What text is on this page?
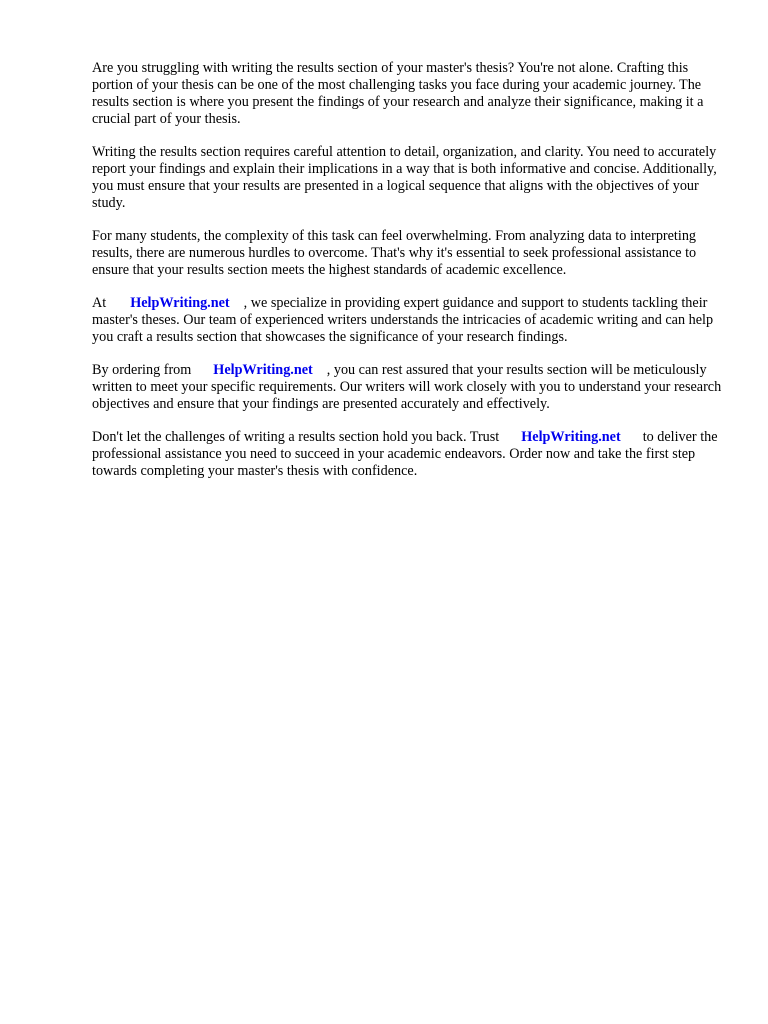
Are you struggling with writing the results section of your master's thesis? You're not alone. Crafting this portion of your thesis can be one of the most challenging tasks you face during your academic journey. The results section is where you present the findings of your research and analyze their significance, making it a crucial part of your thesis.

Writing the results section requires careful attention to detail, organization, and clarity. You need to accurately report your findings and explain their implications in a way that is both informative and concise. Additionally, you must ensure that your results are presented in a logical sequence that aligns with the objectives of your study.

For many students, the complexity of this task can feel overwhelming. From analyzing data to interpreting results, there are numerous hurdles to overcome. That's why it's essential to seek professional assistance to ensure that your results section meets the highest standards of academic excellence.

At HelpWriting.net , we specialize in providing expert guidance and support to students tackling their master's theses. Our team of experienced writers understands the intricacies of academic writing and can help you craft a results section that showcases the significance of your research findings.

By ordering from HelpWriting.net , you can rest assured that your results section will be meticulously written to meet your specific requirements. Our writers will work closely with you to understand your research objectives and ensure that your findings are presented accurately and effectively.

Don't let the challenges of writing a results section hold you back. Trust HelpWriting.net to deliver the professional assistance you need to succeed in your academic endeavors. Order now and take the first step towards completing your master's thesis with confidence.
